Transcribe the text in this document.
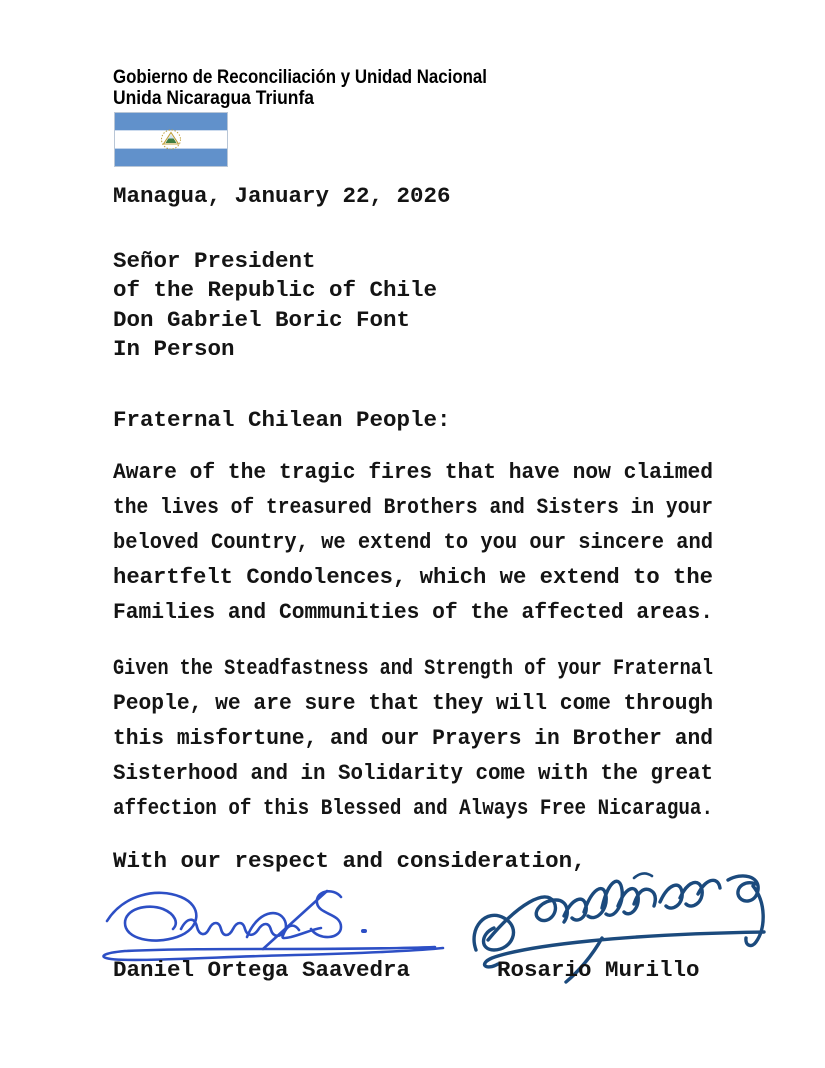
Gobierno de Reconciliación y Unidad Nacional
Unida Nicaragua Triunfa
Managua, January 22, 2026
Señor President
of the Republic of Chile
Don Gabriel Boric Font
In Person
Fraternal Chilean People:
Aware of the tragic fires that have now claimed
the lives of treasured Brothers and Sisters in your
beloved Country, we extend to you our sincere and
heartfelt Condolences, which we extend to the
Families and Communities of the affected areas.
Given the Steadfastness and Strength of your Fraternal
People, we are sure that they will come through
this misfortune, and our Prayers in Brother and
Sisterhood and in Solidarity come with the great
affection of this Blessed and Always Free Nicaragua.
With our respect and consideration,
Daniel Ortega Saavedra	Rosario Murillo
